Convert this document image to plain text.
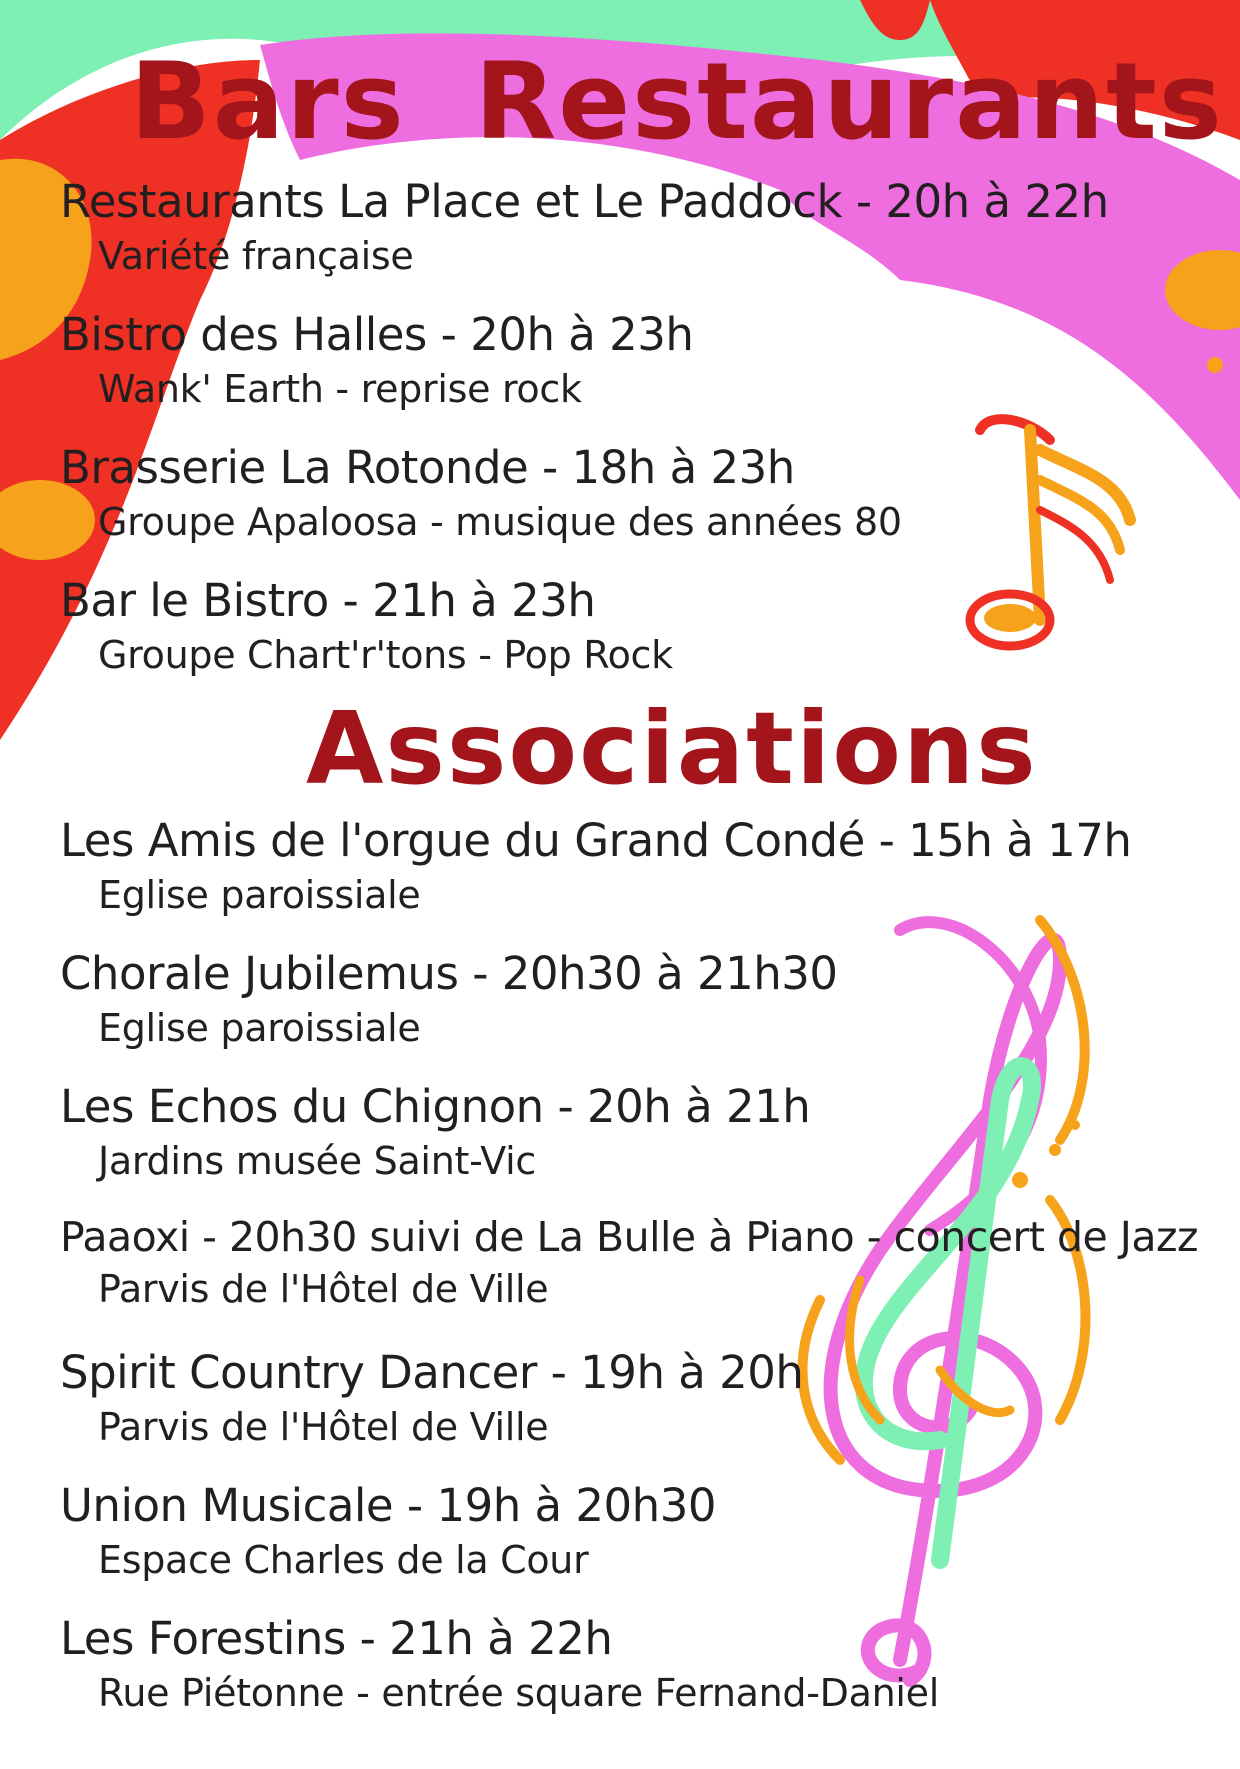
Bars Restaurants
Restaurants La Place et Le Paddock - 20h à 22h
Variété française
Bistro des Halles - 20h à 23h
Wank' Earth - reprise rock
Brasserie La Rotonde - 18h à 23h
Groupe Apaloosa - musique des années 80
Bar le Bistro - 21h à 23h
Groupe Chart'r'tons - Pop Rock
Associations
Les Amis de l'orgue du Grand Condé - 15h à 17h
Eglise paroissiale
Chorale Jubilemus - 20h30 à 21h30
Eglise paroissiale
Les Echos du Chignon - 20h à 21h
Jardins musée Saint-Vic
Paaoxi - 20h30 suivi de La Bulle à Piano - concert de Jazz
Parvis de l'Hôtel de Ville
Spirit Country Dancer - 19h à 20h
Parvis de l'Hôtel de Ville
Union Musicale - 19h à 20h30
Espace Charles de la Cour
Les Forestins - 21h à 22h
Rue Piétonne - entrée square Fernand-Daniel
